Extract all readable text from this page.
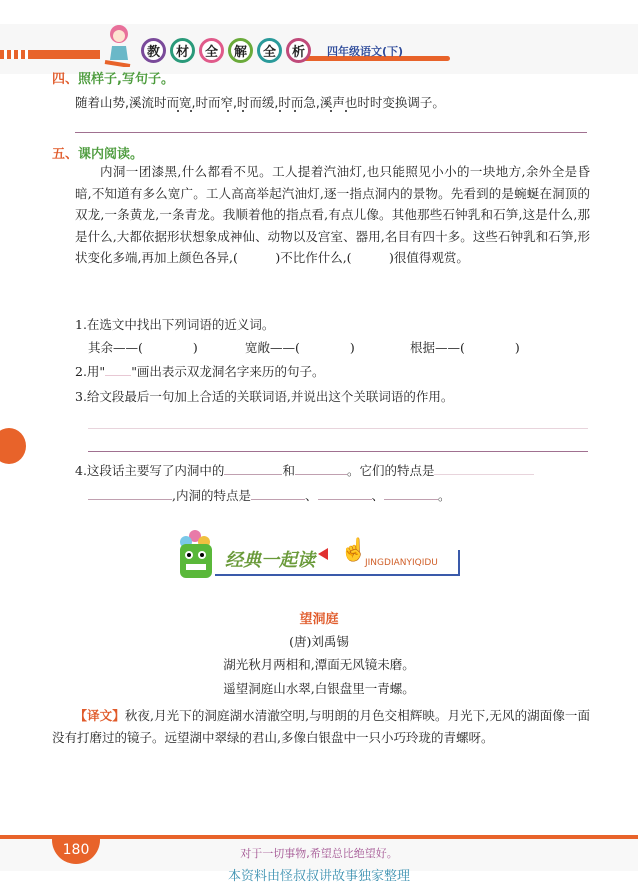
教	材	全	解	全	析	四年级语文(下)
四、照样子,写句子。
随着山势,溪流时而宽,时而窄,时而缓,时而急,溪声也时时变换调子。
五、课内阅读。
内洞一团漆黑,什么都看不见。工人提着汽油灯,也只能照见小小的一块地方,余外全是昏暗,不知道有多么宽广。工人高高举起汽油灯,逐一指点洞内的景物。先看到的是蜿蜒在洞顶的双龙,一条黄龙,一条青龙。我顺着他的指点看,有点儿像。其他那些石钟乳和石笋,这是什么,那是什么,大都依据形状想象成神仙、动物以及宫室、器用,名目有四十多。这些石钟乳和石笋,形状变化多端,再加上颜色各异,(　　　)不比作什么,(　　　)很值得观赏。
1.在选文中找出下列词语的近义词。
其余——(　　　　)	宽敞——(　　　　)	根据——(　　　　)
2.用" "画出表示双龙洞名字来历的句子。
3.给文段最后一句加上合适的关联词语,并说出这个关联词语的作用。
4.这段话主要写了内洞中的	和	。它们的特点是
,内洞的特点是	、	、	。
经典一起读 ☝
JINGDIANYIQIDU
望洞庭
(唐)刘禹锡
湖光秋月两相和,潭面无风镜未磨。
遥望洞庭山水翠,白银盘里一青螺。
【译文】秋夜,月光下的洞庭湖水清澈空明,与明朗的月色交相辉映。月光下,无风的湖面像一面没有打磨过的镜子。远望湖中翠绿的君山,多像白银盘中一只小巧玲珑的青螺呀。
180	对于一切事物,希望总比绝望好。
本资料由怪叔叔讲故事独家整理
